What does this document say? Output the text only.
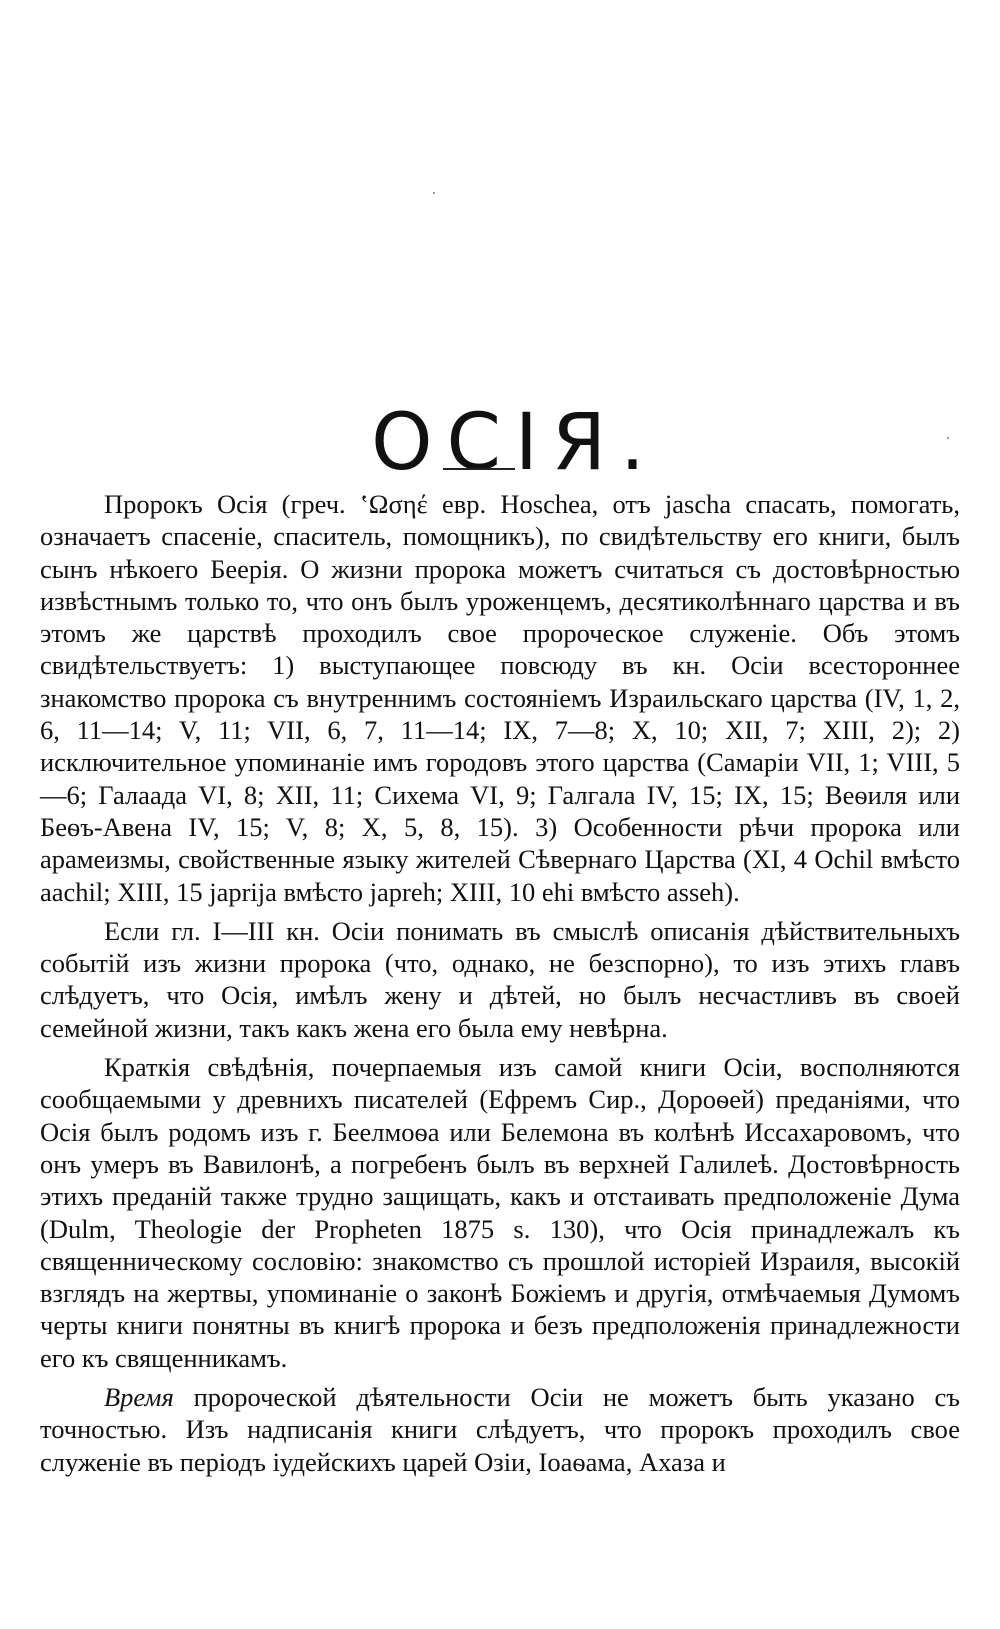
ОСІЯ.

Пророкъ Осія (греч. ʽΩσηέ евр. Hoschea, отъ jascha спасать, помогать, означаетъ спасеніе, спаситель, помощникъ), по свидѣтельству его книги, былъ сынъ нѣкоего Беерія. О жизни пророка можетъ считаться съ достовѣрностью извѣстнымъ только то, что онъ былъ уроженцемъ, десятиколѣннаго царства и въ этомъ же царствѣ проходилъ свое пророческое служеніе. Объ этомъ свидѣтельствуетъ: 1) выступающее повсюду въ кн. Осіи всестороннее знакомство пророка съ внутреннимъ состояніемъ Израильскаго царства (IV, 1, 2, 6, 11—14; V, 11; VII, 6, 7, 11—14; IX, 7—8; X, 10; XII, 7; XIII, 2); 2) исключительное упоминаніе имъ городовъ этого царства (Самаріи VII, 1; VIII, 5—6; Галаада VI, 8; XII, 11; Сихема VI, 9; Галгала IV, 15; IX, 15; Веѳиля или Беѳъ-Авена IV, 15; V, 8; X, 5, 8, 15). 3) Особенности рѣчи пророка или арамеизмы, свойственные языку жителей Сѣвернаго Царства (XI, 4 Ochil вмѣсто aachil; XIII, 15 japrija вмѣсто japreh; XIII, 10 ehi вмѣсто asseh).

Если гл. I—III кн. Осіи понимать въ смыслѣ описанія дѣйствительныхъ событій изъ жизни пророка (что, однако, не безспорно), то изъ этихъ главъ слѣдуетъ, что Осія, имѣлъ жену и дѣтей, но былъ несчастливъ въ своей семейной жизни, такъ какъ жена его была ему невѣрна.

Краткія свѣдѣнія, почерпаемыя изъ самой книги Осіи, восполняются сообщаемыми у древнихъ писателей (Ефремъ Сир., Дороѳей) преданіями, что Осія былъ родомъ изъ г. Беелмоѳа или Белемона въ колѣнѣ Иссахаровомъ, что онъ умеръ въ Вавилонѣ, а погребенъ былъ въ верхней Галилеѣ. Достовѣрность этихъ преданій также трудно защищать, какъ и отстаивать предположеніе Дума (Dulm, Theologie der Propheten 1875 s. 130), что Осія принадлежалъ къ священническому сословію: знакомство съ прошлой исторіей Израиля, высокій взглядъ на жертвы, упоминаніе о законѣ Божіемъ и другія, отмѣчаемыя Думомъ черты книги понятны въ книгѣ пророка и безъ предположенія принадлежности его къ священникамъ.

Время пророческой дѣятельности Осіи не можетъ быть указано съ точностью. Изъ надписанія книги слѣдуетъ, что пророкъ проходилъ свое служеніе въ періодъ іудейскихъ царей Озіи, Іоаѳама, Ахаза и
